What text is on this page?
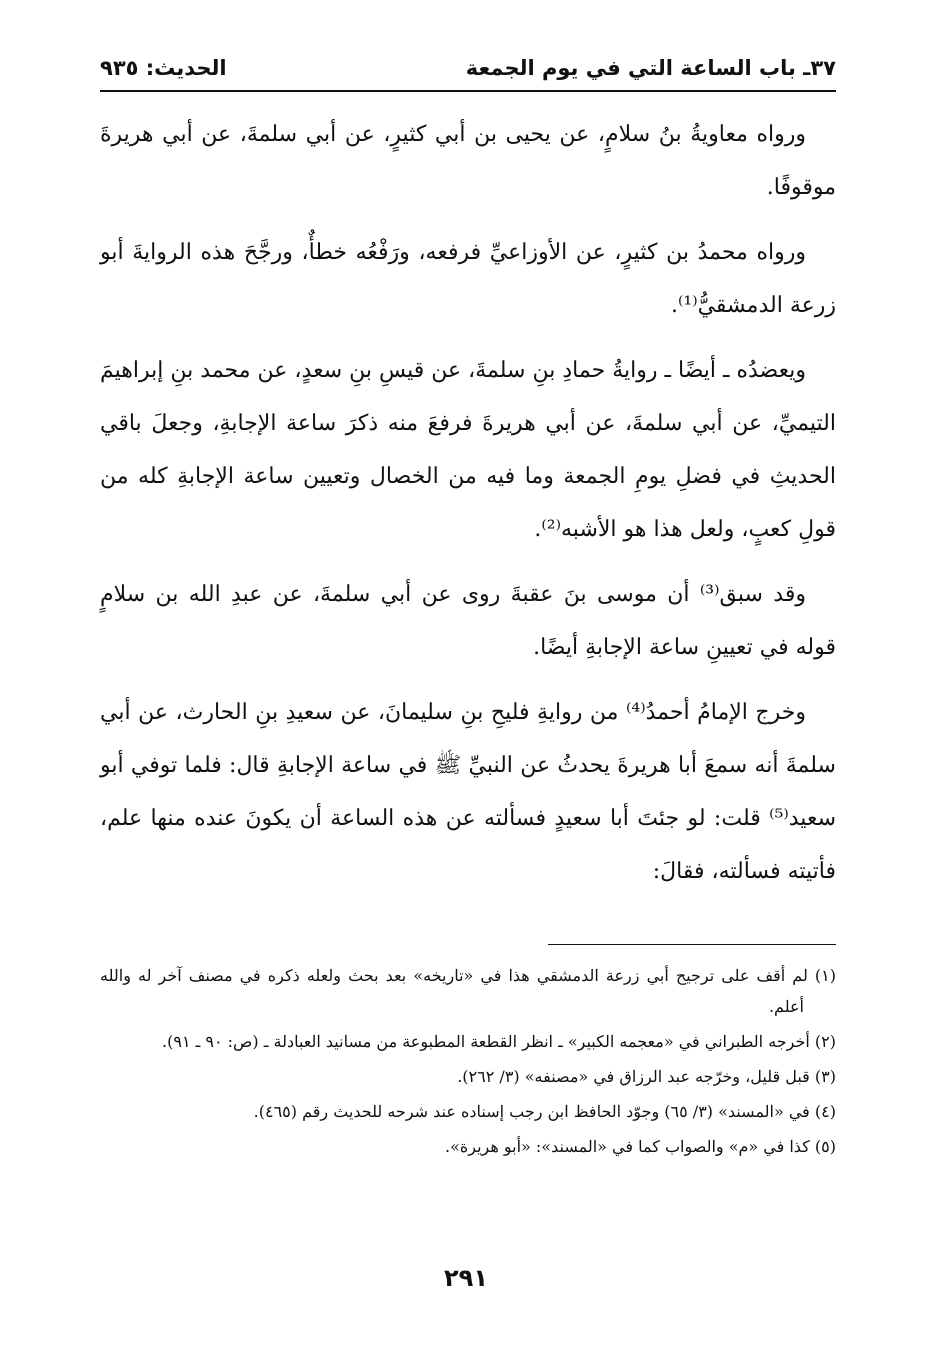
٣٧ـ باب الساعة التي في يوم الجمعة
الحديث: ٩٣٥

ورواه معاويةُ بنُ سلامٍ، عن يحيى بن أبي كثيرٍ، عن أبي سلمةَ، عن أبي هريرةَ موقوفًا.

ورواه محمدُ بن كثيرٍ، عن الأوزاعيِّ فرفعه، ورَفْعُه خطأٌ، ورجَّحَ هذه الروايةَ أبو زرعة الدمشقيُّ⁽¹⁾.

ويعضدُه ـ أيضًا ـ روايةُ حمادِ بنِ سلمةَ، عن قيسِ بنِ سعدٍ، عن محمد بنِ إبراهيمَ التيميِّ، عن أبي سلمةَ، عن أبي هريرةَ فرفعَ منه ذكرَ ساعة الإجابةِ، وجعلَ باقي الحديثِ في فضلِ يومِ الجمعة وما فيه من الخصال وتعيين ساعة الإجابةِ كله من قولِ كعبٍ، ولعل هذا هو الأشبه⁽²⁾.

وقد سبق⁽³⁾ أن موسى بنَ عقبةَ روى عن أبي سلمةَ، عن عبدِ الله بن سلامٍ قوله في تعيينِ ساعة الإجابةِ أيضًا.

وخرج الإمامُ أحمدُ⁽⁴⁾ من روايةِ فليحِ بنِ سليمانَ، عن سعيدِ بنِ الحارث، عن أبي سلمةَ أنه سمعَ أبا هريرةَ يحدثُ عن النبيِّ ﷺ في ساعة الإجابةِ قال: فلما توفي أبو سعيد⁽⁵⁾ قلت: لو جئتَ أبا سعيدٍ فسألته عن هذه الساعة أن يكونَ عنده منها علم، فأتيته فسألته، فقالَ:

(١) لم أقف على ترجيح أبي زرعة الدمشقي هذا في «تاريخه» بعد بحث ولعله ذكره في مصنف آخر له والله أعلم.
(٢) أخرجه الطبراني في «معجمه الكبير» ـ انظر القطعة المطبوعة من مسانيد العبادلة ـ (ص: ٩٠ ـ ٩١).
(٣) قبل قليل، وخرّجه عبد الرزاق في «مصنفه» (٣/ ٢٦٢).
(٤) في «المسند» (٣/ ٦٥) وجوّد الحافظ ابن رجب إسناده عند شرحه للحديث رقم (٤٦٥).
(٥) كذا في «م» والصواب كما في «المسند»: «أبو هريرة».
٢٩١
